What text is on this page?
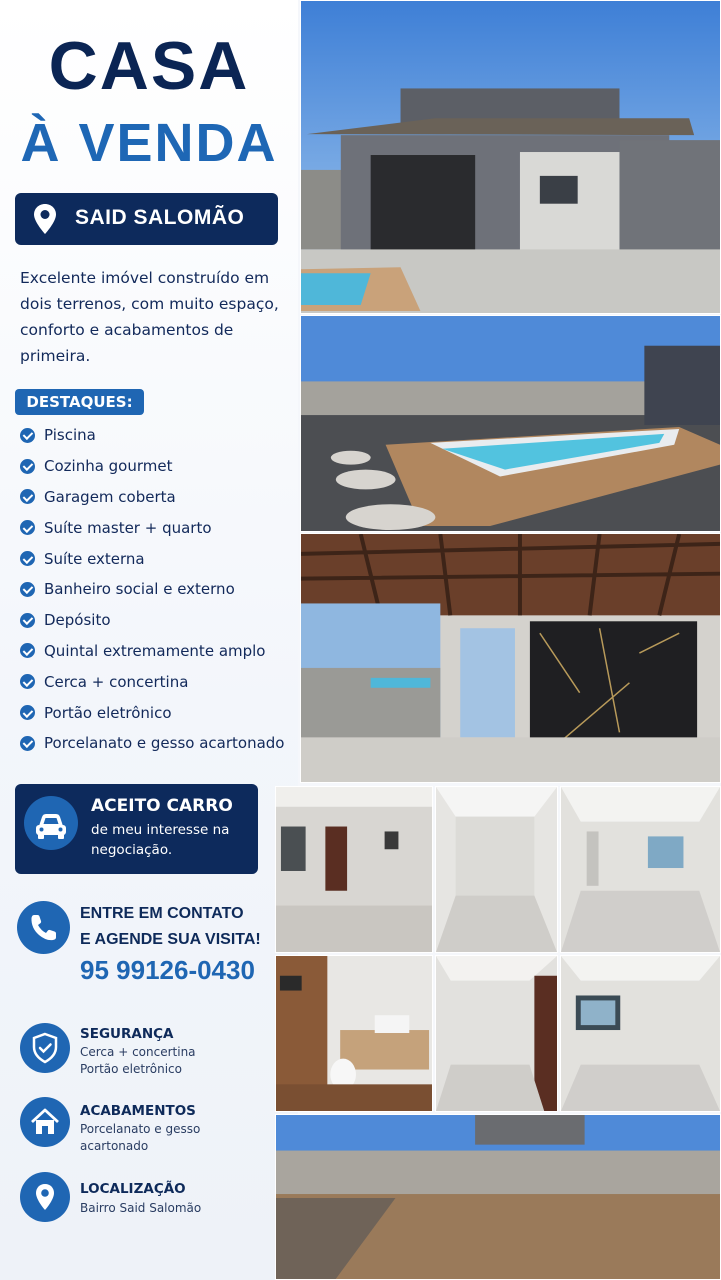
CASA
À VENDA
SAID SALOMÃO
Excelente imóvel construído em dois terrenos, com muito espaço, conforto e acabamentos de primeira.
DESTAQUES:
Piscina
Cozinha gourmet
Garagem coberta
Suíte master + quarto
Suíte externa
Banheiro social e externo
Depósito
Quintal extremamente amplo
Cerca + concertina
Portão eletrônico
Porcelanato e gesso acartonado
ACEITO CARRO
de meu interesse na negociação.
ENTRE EM CONTATO
E AGENDE SUA VISITA!
95 99126-0430
SEGURANÇA
Cerca + concertina
Portão eletrônico
ACABAMENTOS
Porcelanato e gesso
acartonado
LOCALIZAÇÃO
Bairro Said Salomão
